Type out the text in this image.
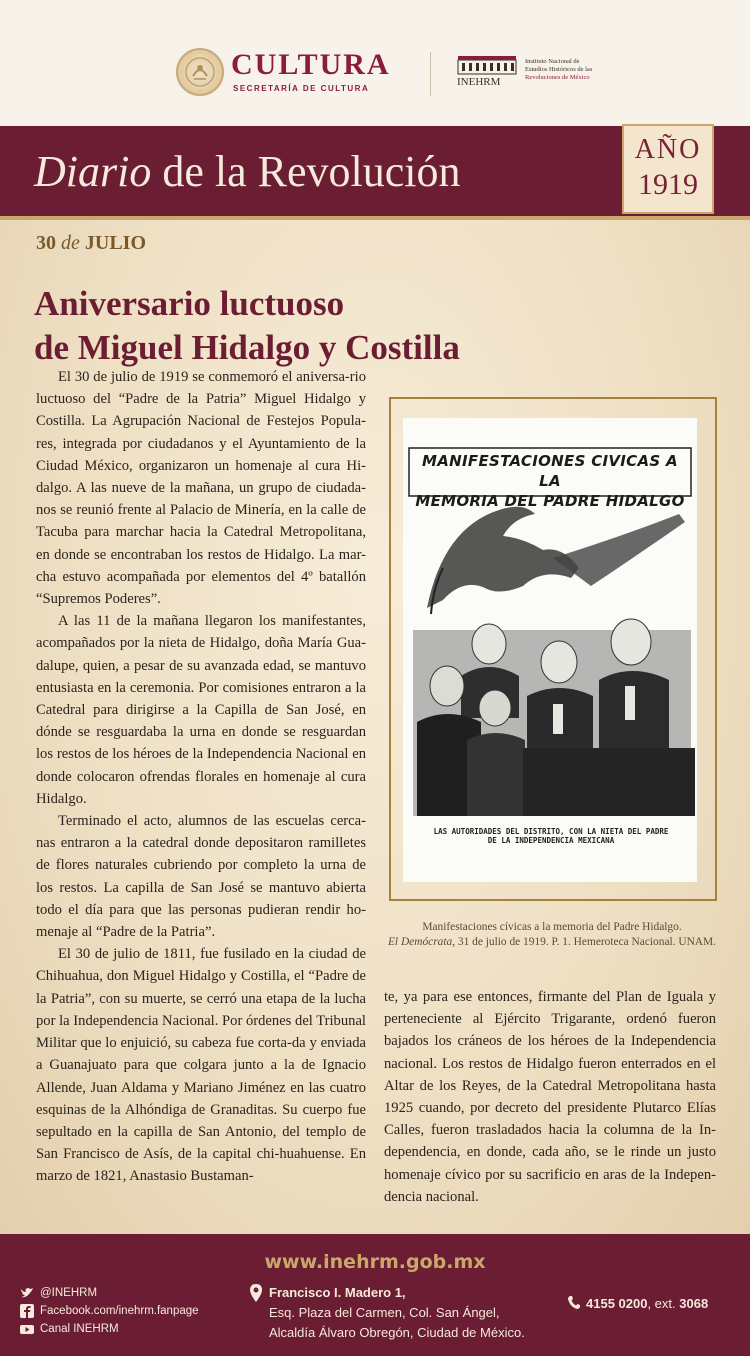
CULTURA
SECRETARÍA DE CULTURA
INEHRM
Instituto Nacional de
Estudios Históricos de las
Revoluciones de México
Diario de la Revolución	AÑO
1919
30 de JULIO
Aniversario luctuoso
de Miguel Hidalgo y Costilla

El 30 de julio de 1919 se conmemoró el aniversa-rio luctuoso del “Padre de la Patria” Miguel Hidalgo y Costilla. La Agrupación Nacional de Festejos Popula-res, integrada por ciudadanos y el Ayuntamiento de la Ciudad México, organizaron un homenaje al cura Hi-dalgo. A las nueve de la mañana, un grupo de ciudada-nos se reunió frente al Palacio de Minería, en la calle de Tacuba para marchar hacia la Catedral Metropolitana, en donde se encontraban los restos de Hidalgo. La mar-cha estuvo acompañada por elementos del 4º batallón “Supremos Poderes”.

A las 11 de la mañana llegaron los manifestantes, acompañados por la nieta de Hidalgo, doña María Gua-dalupe, quien, a pesar de su avanzada edad, se mantuvo entusiasta en la ceremonia. Por comisiones entraron a la Catedral para dirigirse a la Capilla de San José, en dónde se resguardaba la urna en donde se resguardan los restos de los héroes de la Independencia Nacional en donde colocaron ofrendas florales en homenaje al cura Hidalgo.

Terminado el acto, alumnos de las escuelas cerca-nas entraron a la catedral donde depositaron ramilletes de flores naturales cubriendo por completo la urna de los restos. La capilla de San José se mantuvo abierta todo el día para que las personas pudieran rendir ho-menaje al “Padre de la Patria”.

El 30 de julio de 1811, fue fusilado en la ciudad de Chihuahua, don Miguel Hidalgo y Costilla, el “Padre de la Patria”, con su muerte, se cerró una etapa de la lucha por la Independencia Nacional. Por órdenes del Tribunal Militar que lo enjuició, su cabeza fue corta-da y enviada a Guanajuato para que colgara junto a la de Ignacio Allende, Juan Aldama y Mariano Jiménez en las cuatro esquinas de la Alhóndiga de Granaditas. Su cuerpo fue sepultado en la capilla de San Antonio, del templo de San Francisco de Asís, de la capital chi-huahuense. En marzo de 1821, Anastasio Bustaman-

MANIFESTACIONES CIVICAS A LA
MEMORIA DEL PADRE HIDALGO
LAS AUTORIDADES DEL DISTRITO, CON LA NIETA DEL PADRE
DE LA INDEPENDENCIA MEXICANA
Manifestaciones cívicas a la memoria del Padre Hidalgo.
El Demócrata, 31 de julio de 1919. P. 1. Hemeroteca Nacional. UNAM.

te, ya para ese entonces, firmante del Plan de Iguala y perteneciente al Ejército Trigarante, ordenó fueron bajados los cráneos de los héroes de la Independencia nacional. Los restos de Hidalgo fueron enterrados en el Altar de los Reyes, de la Catedral Metropolitana hasta 1925 cuando, por decreto del presidente Plutarco Elías Calles, fueron trasladados hacia la columna de la In-dependencia, en donde, cada año, se le rinde un justo homenaje cívico por su sacrificio en aras de la Indepen-dencia nacional.

www.inehrm.gob.mx
@INEHRM
Facebook.com/inehrm.fanpage
Canal INEHRM
Francisco I. Madero 1,
Esq. Plaza del Carmen, Col. San Ángel,
Alcaldía Álvaro Obregón, Ciudad de México.
4155 0200, ext. 3068
